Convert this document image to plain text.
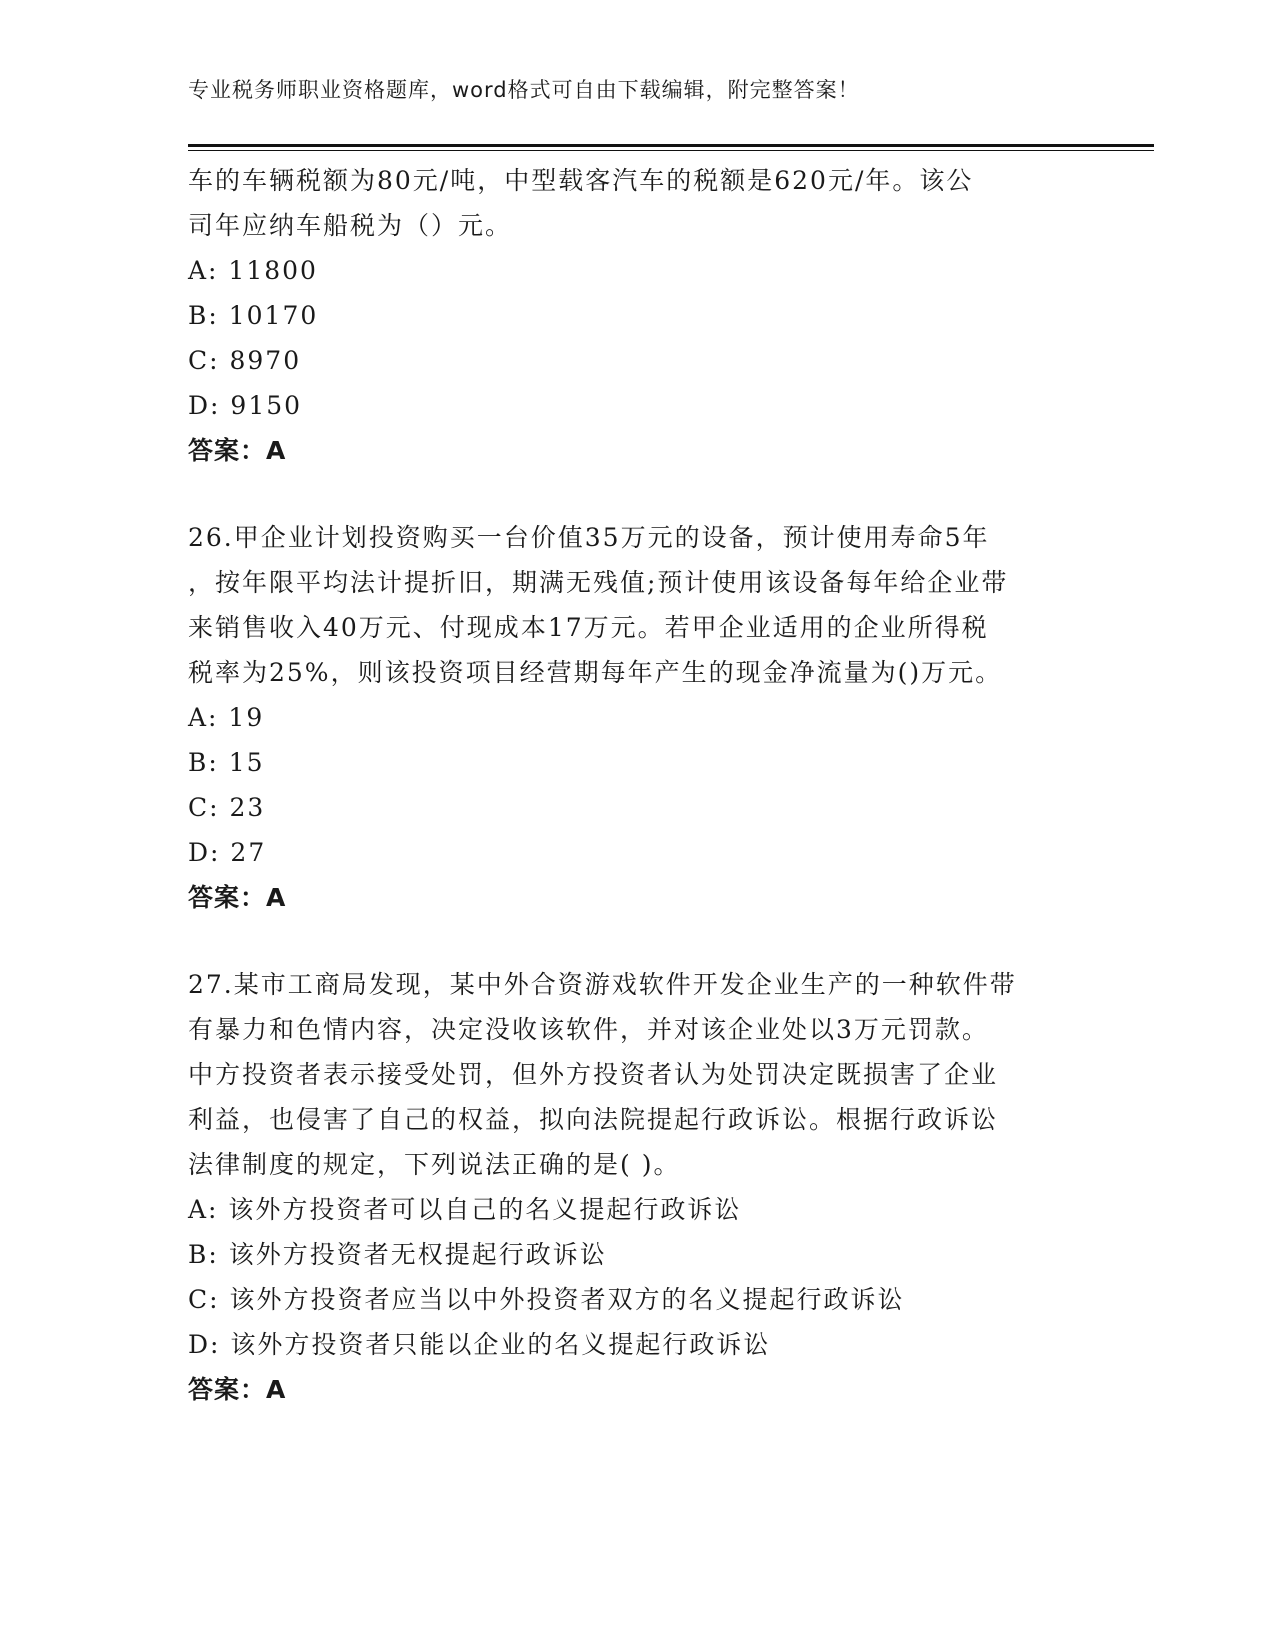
专业税务师职业资格题库，word格式可自由下载编辑，附完整答案！
车的车辆税额为80元/吨，中型载客汽车的税额是620元/年。该公
司年应纳车船税为（）元。
A: 11800
B: 10170
C: 8970
D: 9150
答案：A
26.甲企业计划投资购买一台价值35万元的设备，预计使用寿命5年
，按年限平均法计提折旧，期满无残值;预计使用该设备每年给企业带
来销售收入40万元、付现成本17万元。若甲企业适用的企业所得税
税率为25%，则该投资项目经营期每年产生的现金净流量为()万元。
A: 19
B: 15
C: 23
D: 27
答案：A
27.某市工商局发现，某中外合资游戏软件开发企业生产的一种软件带
有暴力和色情内容，决定没收该软件，并对该企业处以3万元罚款。
中方投资者表示接受处罚，但外方投资者认为处罚决定既损害了企业
利益，也侵害了自己的权益，拟向法院提起行政诉讼。根据行政诉讼
法律制度的规定，下列说法正确的是( )。
A: 该外方投资者可以自己的名义提起行政诉讼
B: 该外方投资者无权提起行政诉讼
C: 该外方投资者应当以中外投资者双方的名义提起行政诉讼
D: 该外方投资者只能以企业的名义提起行政诉讼
答案：A
